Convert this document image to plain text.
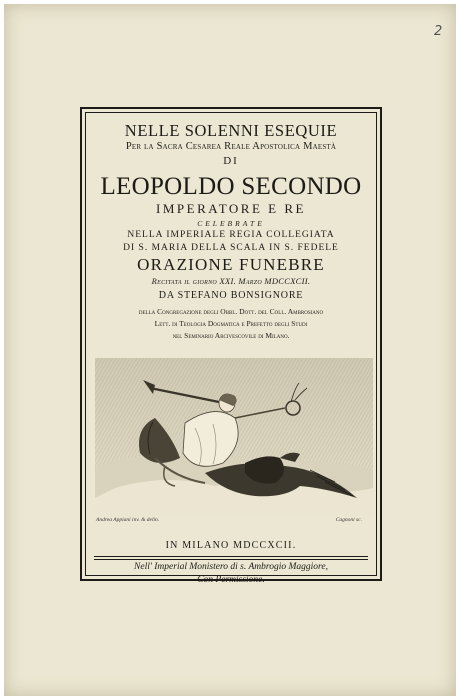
2
NELLE SOLENNI ESEQUIE
Per la Sacra Cesarea Reale Apostolica Maestà
DI
LEOPOLDO SECONDO
IMPERATORE E RE
CELEBRATE
NELLA IMPERIALE REGIA COLLEGIATA
DI S. MARIA DELLA SCALA IN S. FEDELE
ORAZIONE FUNEBRE
Recitata il giorno XXI. Marzo MDCCXCII.
DA STEFANO BONSIGNORE
della Congregazione degli Obbl. Dott. del Coll. Ambrosiano
Lett. di Teologia Dogmatica e Prefetto degli Studi
nel Seminario Arcivescovile di Milano.
Andrea Appiani inv. & delin.	Cagnoni sc.
IN MILANO MDCCXCII.
Nell' Imperial Monistero di s. Ambrogio Maggiore,
Con Permissione.
